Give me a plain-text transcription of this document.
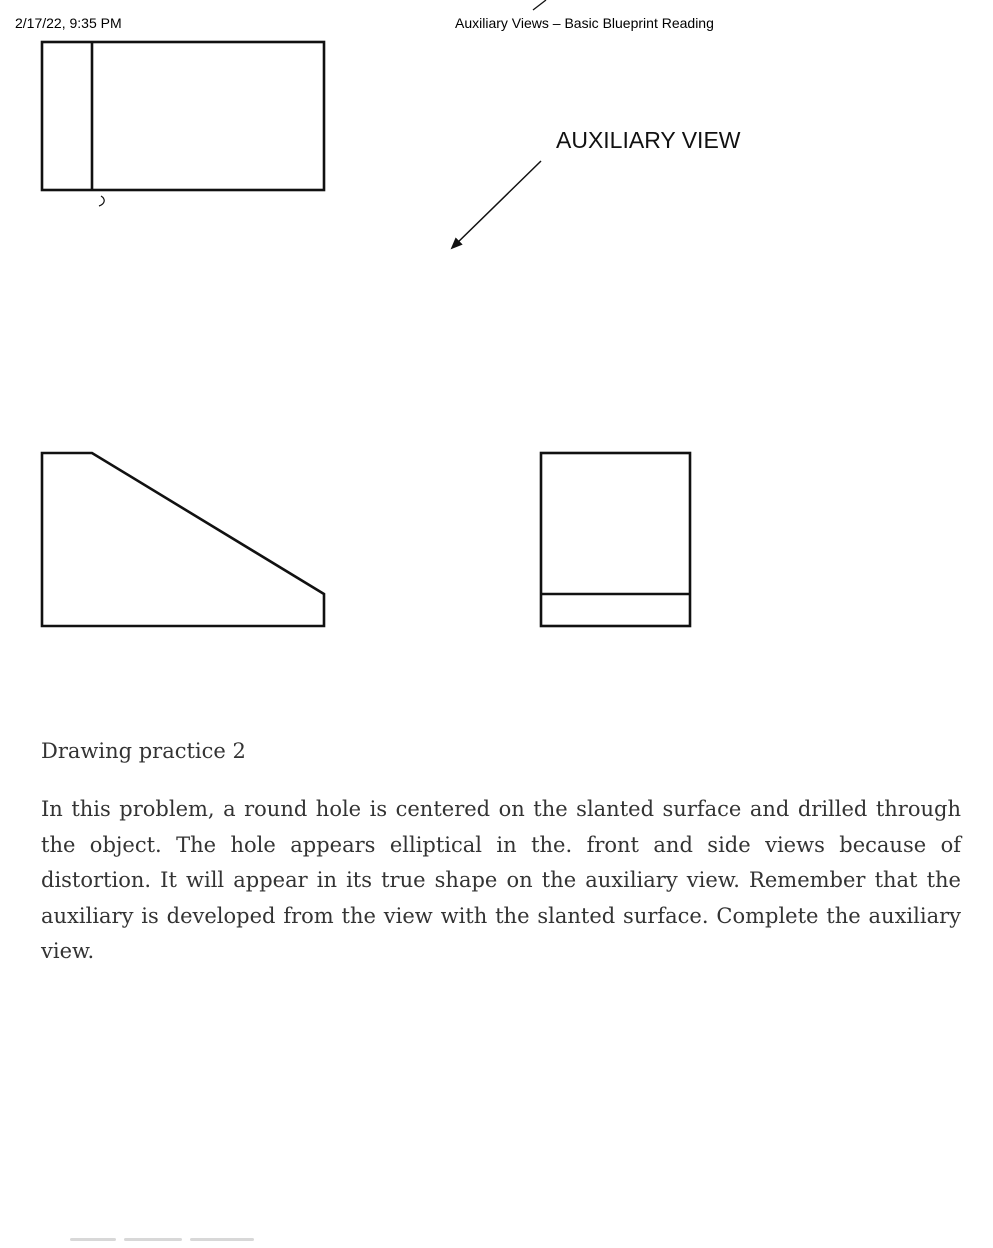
2/17/22, 9:35 PM	Auxiliary Views – Basic Blueprint Reading
AUXILIARY VIEW
Drawing practice 2

In this problem, a round hole is centered on the slanted surface and drilled through the object. The hole appears elliptical in the. front and side views because of distortion. It will appear in its true shape on the auxiliary view. Remember that the auxiliary is developed from the view with the slanted surface. Complete the auxiliary view.
